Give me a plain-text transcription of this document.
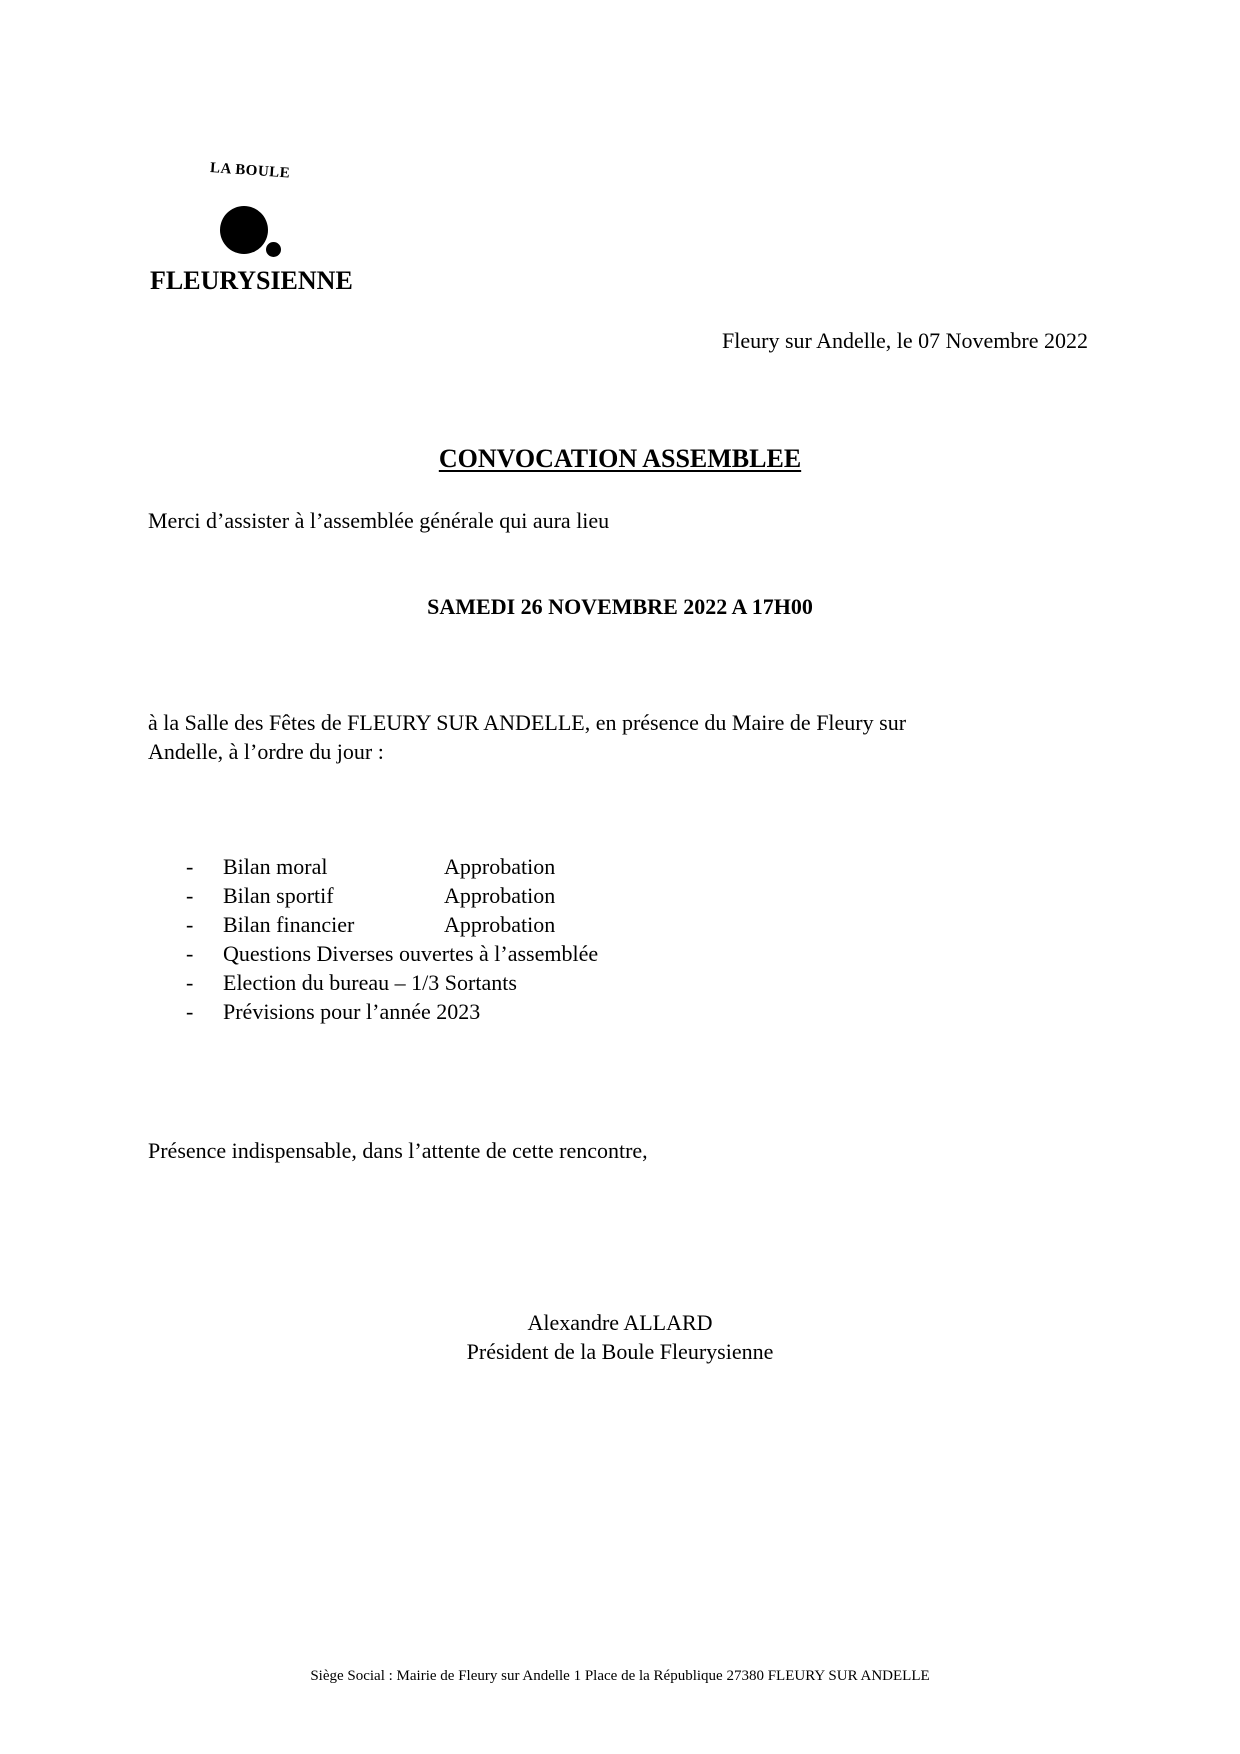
LA BOULE
FLEURYSIENNE
Fleury sur Andelle, le 07 Novembre 2022
CONVOCATION ASSEMBLEE
Merci d’assister à l’assemblée générale qui aura lieu
SAMEDI 26 NOVEMBRE 2022 A 17H00
à la Salle des Fêtes de FLEURY SUR ANDELLE, en présence du Maire de Fleury sur
Andelle, à l’ordre du jour :
- Bilan moral	Approbation
- Bilan sportif	Approbation
- Bilan financier	Approbation
- Questions Diverses ouvertes à l’assemblée
- Election du bureau – 1/3 Sortants
- Prévisions pour l’année 2023
Présence indispensable, dans l’attente de cette rencontre,
Alexandre ALLARD
Président de la Boule Fleurysienne
Siège Social : Mairie de Fleury sur Andelle 1 Place de la République 27380 FLEURY SUR ANDELLE
